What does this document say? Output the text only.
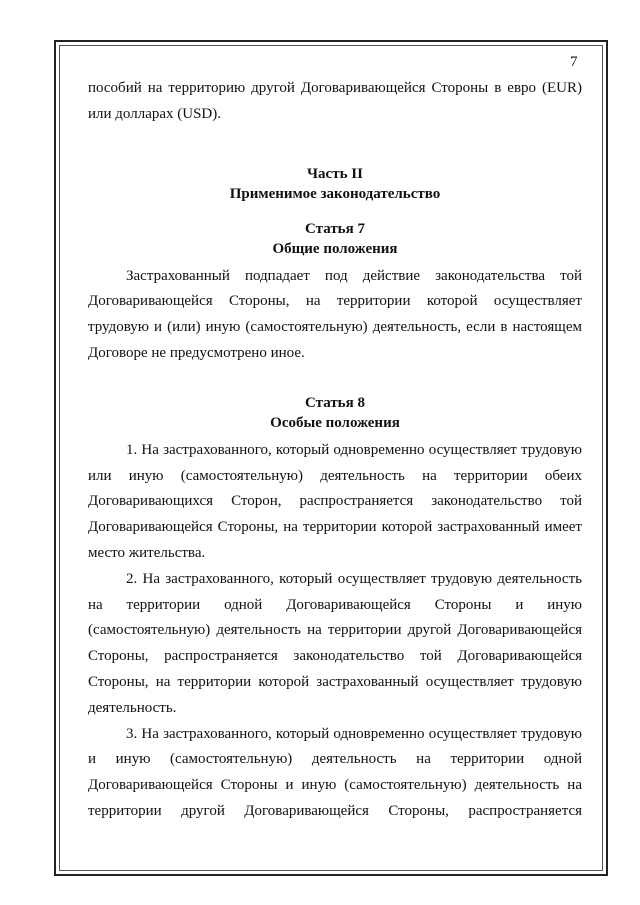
7

пособий на территорию другой Договаривающейся Стороны в евро (EUR) или долларах (USD).

Часть II

Применимое законодательство

Статья 7

Общие положения

Застрахованный подпадает под действие законодательства той Договаривающейся Стороны, на территории которой осуществляет трудовую и (или) иную (самостоятельную) деятельность, если в настоящем Договоре не предусмотрено иное.

Статья 8

Особые положения

1. На застрахованного, который одновременно осуществляет трудовую или иную (самостоятельную) деятельность на территории обеих Договаривающихся Сторон, распространяется законодательство той Договаривающейся Стороны, на территории которой застрахованный имеет место жительства.

2. На застрахованного, который осуществляет трудовую деятельность на территории одной Договаривающейся Стороны и иную (самостоятельную) деятельность на территории другой Договаривающейся Стороны, распространяется законодательство той Договаривающейся Стороны, на территории которой застрахованный осуществляет трудовую деятельность.

3. На застрахованного, который одновременно осуществляет трудовую и иную (самостоятельную) деятельность на территории одной Договаривающейся Стороны и иную (самостоятельную) деятельность на территории другой Договаривающейся Стороны, распространяется
